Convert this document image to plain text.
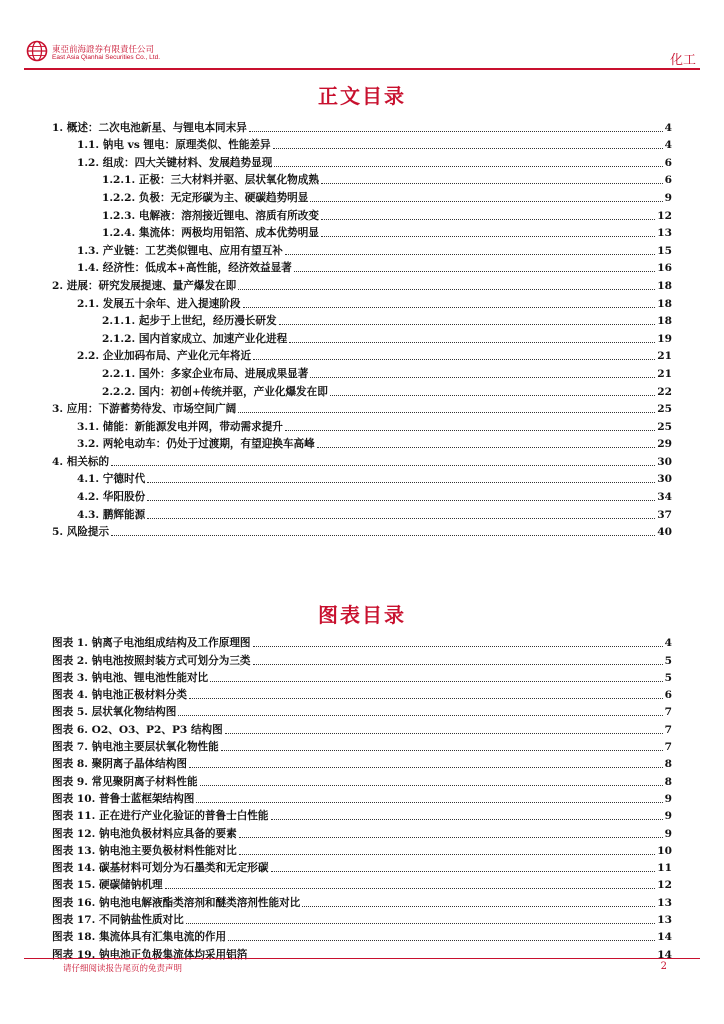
東亞前海證券有限責任公司
East Asia Qianhai Securities Co., Ltd.	化工
正文目录
1. 概述：二次电池新星、与锂电本同末异	4
1.1. 钠电 vs 锂电：原理类似、性能差异	4
1.2. 组成：四大关键材料、发展趋势显现	6
1.2.1. 正极：三大材料并驱、层状氧化物成熟	6
1.2.2. 负极：无定形碳为主、硬碳趋势明显	9
1.2.3. 电解液：溶剂接近锂电、溶质有所改变	12
1.2.4. 集流体：两极均用铝箔、成本优势明显	13
1.3. 产业链：工艺类似锂电、应用有望互补	15
1.4. 经济性：低成本+高性能，经济效益显著	16
2. 进展：研究发展提速、量产爆发在即	18
2.1. 发展五十余年、进入提速阶段	18
2.1.1. 起步于上世纪，经历漫长研发	18
2.1.2. 国内首家成立、加速产业化进程	19
2.2. 企业加码布局、产业化元年将近	21
2.2.1. 国外：多家企业布局、进展成果显著	21
2.2.2. 国内：初创+传统并驱，产业化爆发在即	22
3. 应用：下游蓄势待发、市场空间广阔	25
3.1. 储能：新能源发电并网，带动需求提升	25
3.2. 两轮电动车：仍处于过渡期，有望迎换车高峰	29
4. 相关标的	30
4.1. 宁德时代	30
4.2. 华阳股份	34
4.3. 鹏辉能源	37
5. 风险提示	40
图表目录
图表 1. 钠离子电池组成结构及工作原理图	4
图表 2. 钠电池按照封装方式可划分为三类	5
图表 3. 钠电池、锂电池性能对比	5
图表 4. 钠电池正极材料分类	6
图表 5. 层状氧化物结构图	7
图表 6. O2、O3、P2、P3 结构图	7
图表 7. 钠电池主要层状氧化物性能	7
图表 8. 聚阴离子晶体结构图	8
图表 9. 常见聚阴离子材料性能	8
图表 10. 普鲁士蓝框架结构图	9
图表 11. 正在进行产业化验证的普鲁士白性能	9
图表 12. 钠电池负极材料应具备的要素	9
图表 13. 钠电池主要负极材料性能对比	10
图表 14. 碳基材料可划分为石墨类和无定形碳	11
图表 15. 硬碳储钠机理	12
图表 16. 钠电池电解液酯类溶剂和醚类溶剂性能对比	13
图表 17. 不同钠盐性质对比	13
图表 18. 集流体具有汇集电流的作用	14
图表 19. 钠电池正负极集流体均采用铝箔	14
请仔细阅读报告尾页的免责声明	2
